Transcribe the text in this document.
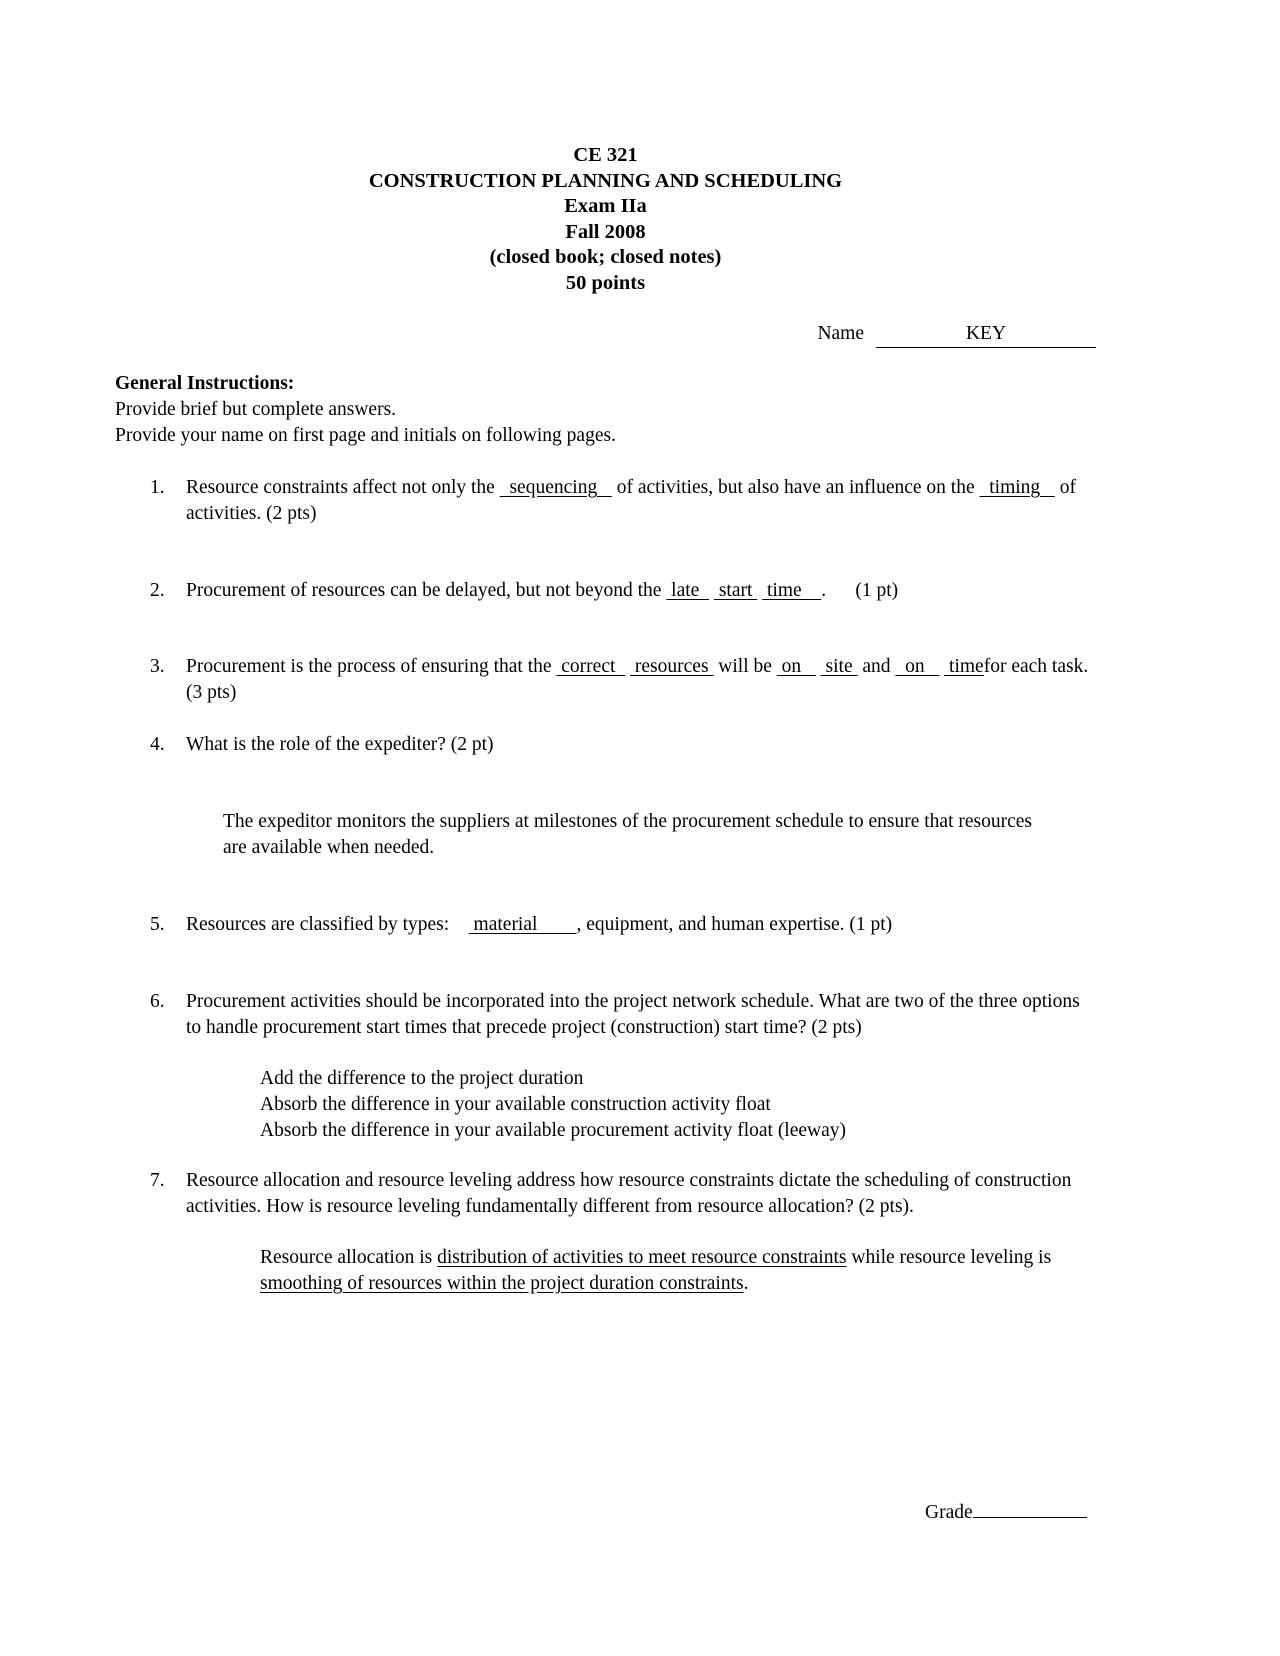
CE 321
CONSTRUCTION PLANNING AND SCHEDULING
Exam IIa
Fall 2008
(closed book; closed notes)
50 points
Name	KEY
General Instructions:
Provide brief but complete answers.
Provide your name on first page and initials on following pages.
1.	Resource constraints affect not only the   sequencing    of activities, but also have an influence on the   timing    of activities. (2 pts)
2.	Procurement of resources can be delayed, but not beyond the  late    start   time    .      (1 pt)
3.	Procurement is the process of ensuring that the  correct    resources  will be  on     site  and   on     timefor each task. (3 pts)
4.	What is the role of the expediter? (2 pt)
The expeditor monitors the suppliers at milestones of the procurement schedule to ensure that resources are available when needed.
5.	Resources are classified by types:     material        , equipment, and human expertise. (1 pt)
6.	Procurement activities should be incorporated into the project network schedule. What are two of the three options to handle procurement start times that precede project (construction) start time? (2 pts)
Add the difference to the project duration
Absorb the difference in your available construction activity float
Absorb the difference in your available procurement activity float (leeway)
7.	Resource allocation and resource leveling address how resource constraints dictate the scheduling of construction activities. How is resource leveling fundamentally different from resource allocation? (2 pts).
Resource allocation is distribution of activities to meet resource constraints while resource leveling is smoothing of resources within the project duration constraints.
Grade
